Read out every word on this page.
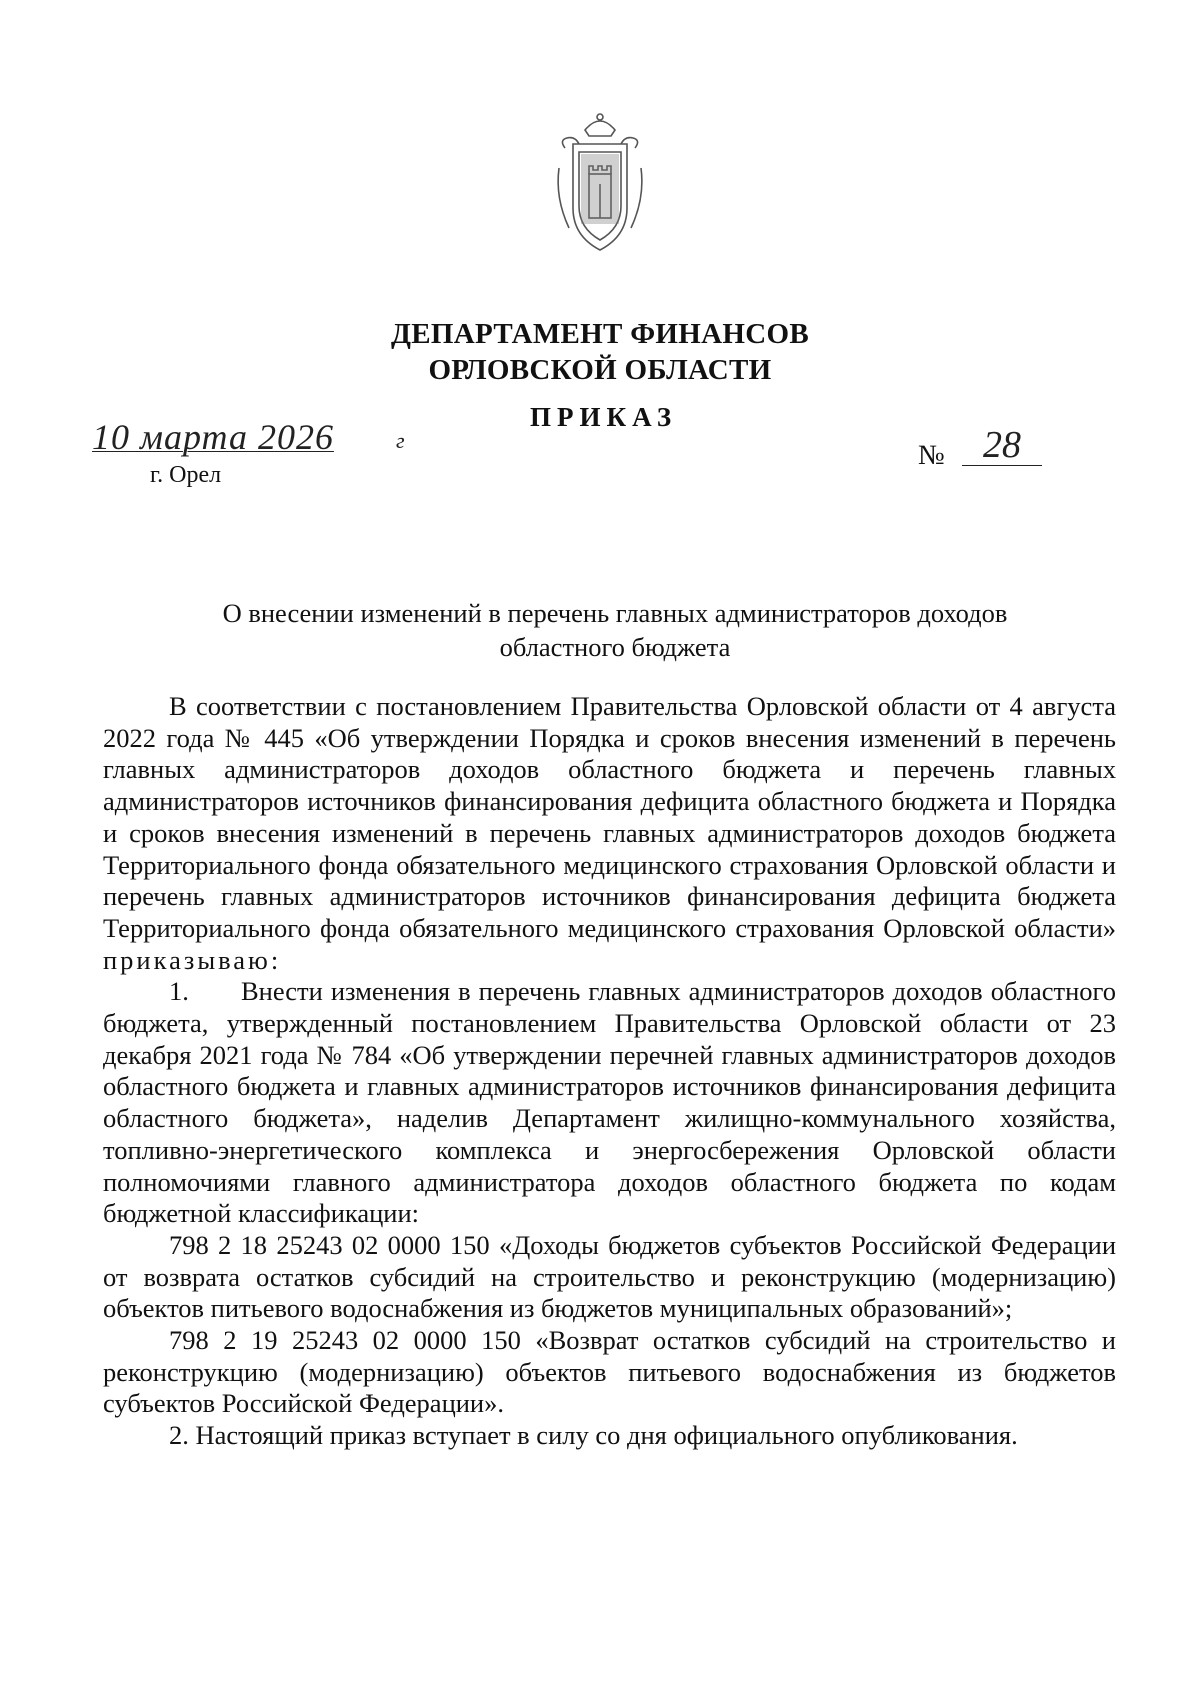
ДЕПАРТАМЕНТ ФИНАНСОВ
ОРЛОВСКОЙ ОБЛАСТИ
ПРИКАЗ
10 марта 2026	г
г. Орел
№	28
О внесении изменений в перечень главных администраторов доходов
областного бюджета

В соответствии с постановлением Правительства Орловской области от 4 августа 2022 года № 445 «Об утверждении Порядка и сроков внесения изменений в перечень главных администраторов доходов областного бюджета и перечень главных администраторов источников финансирования дефицита областного бюджета и Порядка и сроков внесения изменений в перечень главных администраторов доходов бюджета Территориального фонда обязательного медицинского страхования Орловской области и перечень главных администраторов источников финансирования дефицита бюджета Территориального фонда обязательного медицинского страхования Орловской области» приказываю:

1. Внести изменения в перечень главных администраторов доходов областного бюджета, утвержденный постановлением Правительства Орловской области от 23 декабря 2021 года № 784 «Об утверждении перечней главных администраторов доходов областного бюджета и главных администраторов источников финансирования дефицита областного бюджета», наделив Департамент жилищно-коммунального хозяйства, топливно-энергетического комплекса и энергосбережения Орловской области полномочиями главного администратора доходов областного бюджета по кодам бюджетной классификации:

798 2 18 25243 02 0000 150 «Доходы бюджетов субъектов Российской Федерации от возврата остатков субсидий на строительство и реконструкцию (модернизацию) объектов питьевого водоснабжения из бюджетов муниципальных образований»;

798 2 19 25243 02 0000 150 «Возврат остатков субсидий на строительство и реконструкцию (модернизацию) объектов питьевого водоснабжения из бюджетов субъектов Российской Федерации».

2. Настоящий приказ вступает в силу со дня официального опубликования.
